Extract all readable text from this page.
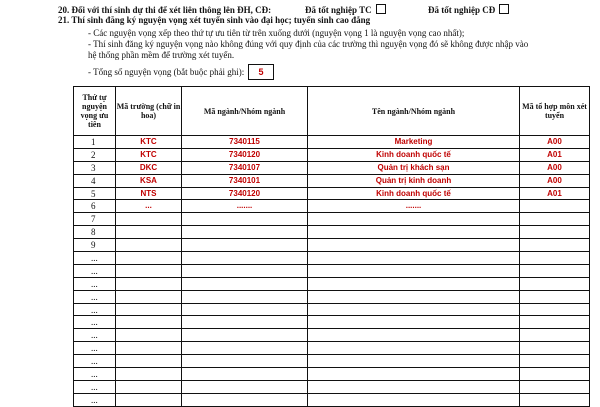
20. Đối với thí sinh dự thi để xét liên thông lên ĐH, CĐ:	Đã tốt nghiệp TC	Đã tốt nghiệp CĐ
21. Thí sinh đăng ký nguyện vọng xét tuyển sinh vào đại học; tuyển sinh cao đẳng
- Các nguyện vọng xếp theo thứ tự ưu tiên từ trên xuống dưới (nguyện vọng 1 là nguyện vọng cao nhất);
- Thí sinh đăng ký nguyện vọng nào không đúng với quy định của các trường thì nguyện vọng đó sẽ không được nhập vào
hệ thống phần mềm để trường xét tuyển.
- Tổng số nguyện vọng (bắt buộc phải ghi):	5
Thứ tự nguyện vọng ưu tiên	Mã trường (chữ in hoa)	Mã ngành/Nhóm ngành	Tên ngành/Nhóm ngành	Mã tổ hợp môn xét tuyển
1	KTC	7340115	Marketing	A00
2	KTC	7340120	Kinh doanh quốc tế	A01
3	DKC	7340107	Quản trị khách sạn	A00
4	KSA	7340101	Quản trị kinh doanh	A00
5	NTS	7340120	Kinh doanh quốc tế	A01
6	...	.......	.......	
7				
8				
9				
...				
...				
...				
...				
...				
...				
...				
...				
...				
...				
...				
...				
